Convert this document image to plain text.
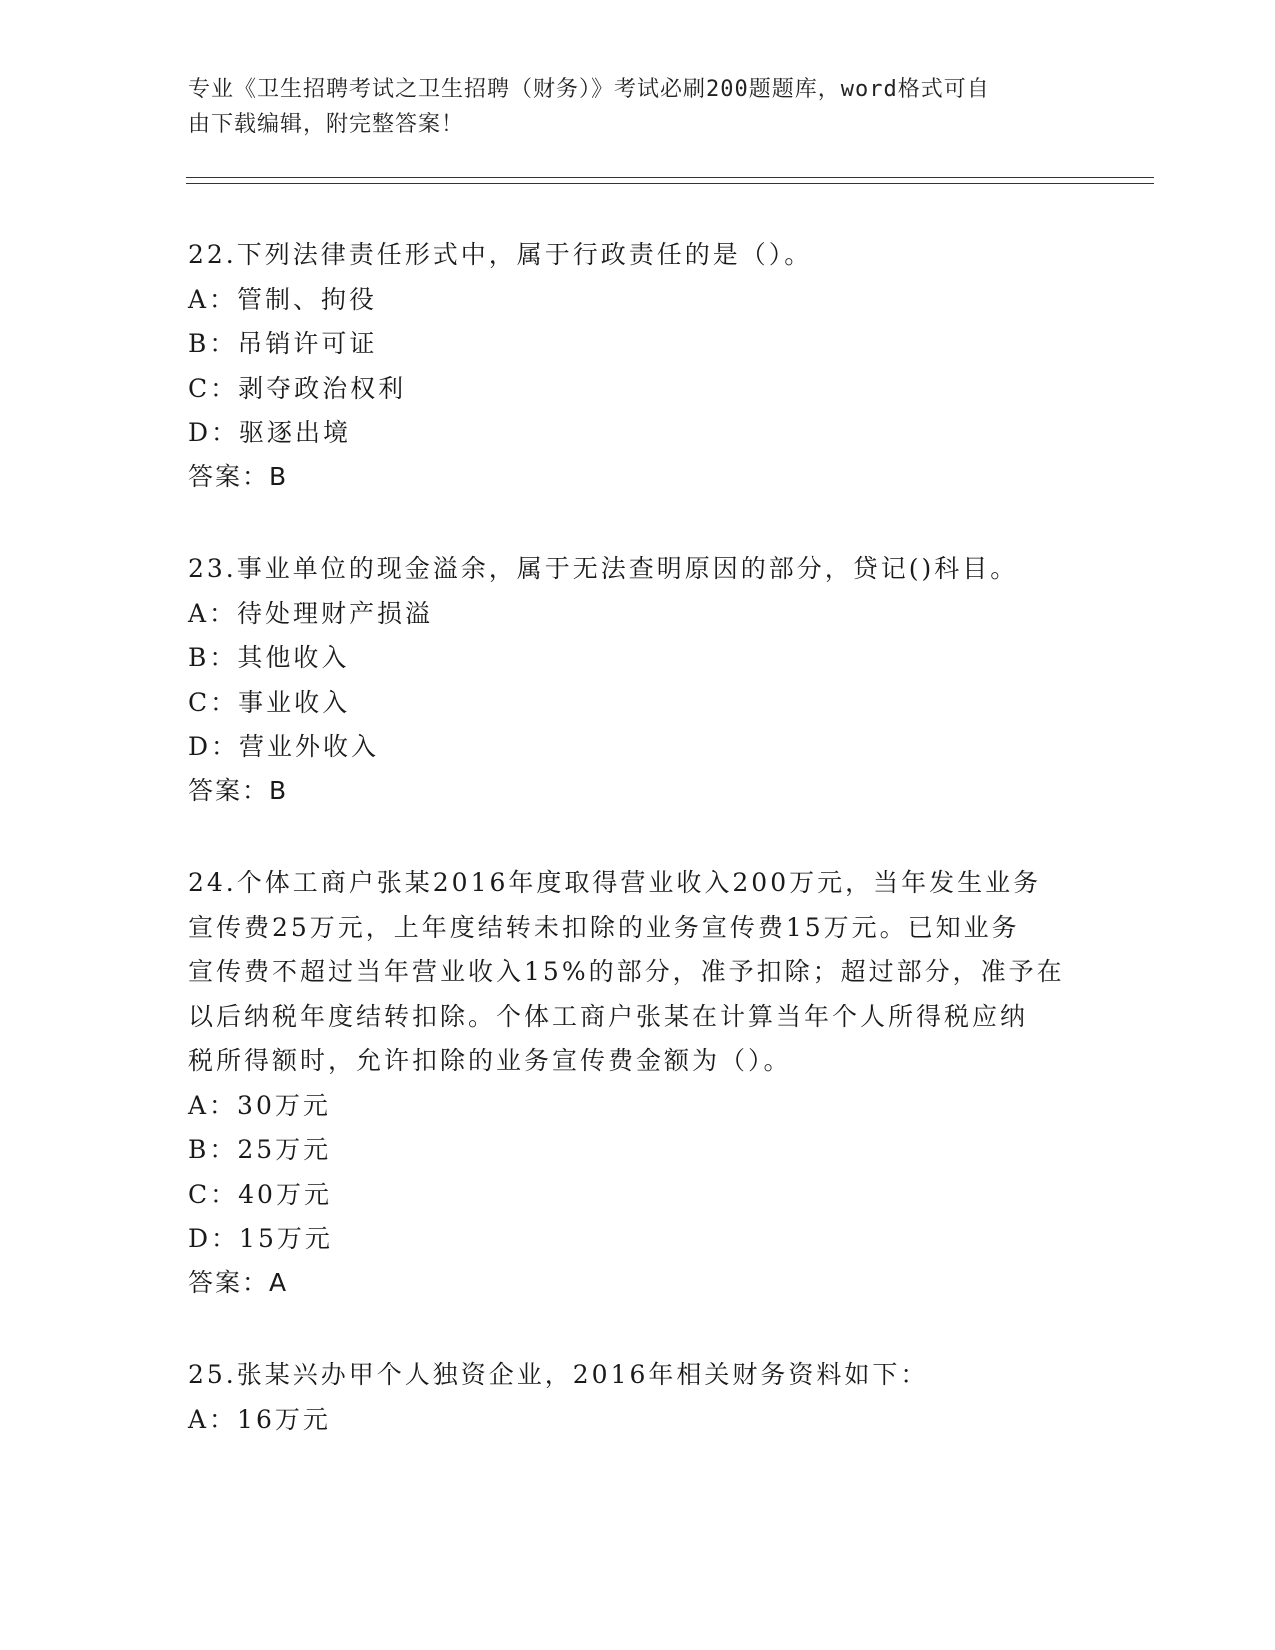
专业《卫生招聘考试之卫生招聘（财务）》考试必刷200题题库，word格式可自
由下载编辑，附完整答案！
22.下列法律责任形式中，属于行政责任的是（）。
A：管制、拘役
B：吊销许可证
C：剥夺政治权利
D：驱逐出境
答案：B
23.事业单位的现金溢余，属于无法查明原因的部分，贷记()科目。
A：待处理财产损溢
B：其他收入
C：事业收入
D：营业外收入
答案：B
24.个体工商户张某2016年度取得营业收入200万元，当年发生业务
宣传费25万元，上年度结转未扣除的业务宣传费15万元。已知业务
宣传费不超过当年营业收入15%的部分，准予扣除；超过部分，准予在
以后纳税年度结转扣除。个体工商户张某在计算当年个人所得税应纳
税所得额时，允许扣除的业务宣传费金额为（）。
A：30万元
B：25万元
C：40万元
D：15万元
答案：A
25.张某兴办甲个人独资企业，2016年相关财务资料如下：
A：16万元
